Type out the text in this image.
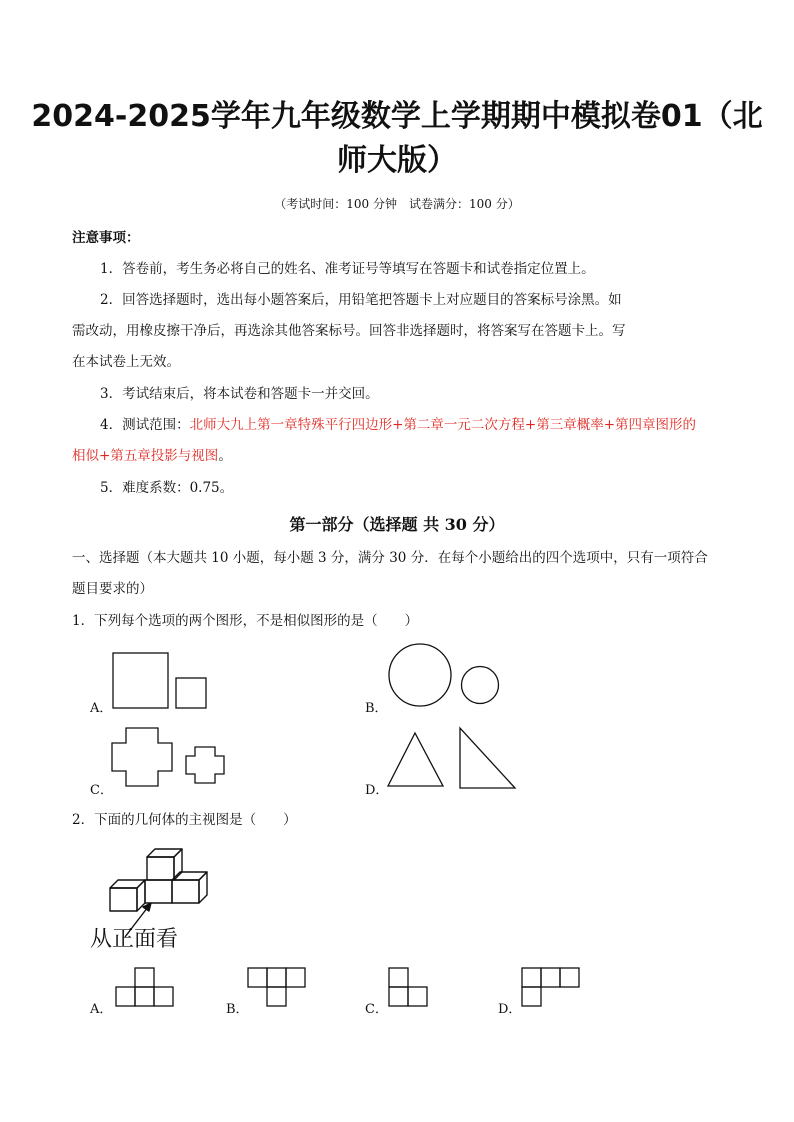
2024-2025学年九年级数学上学期期中模拟卷01（北
师大版）
（考试时间：100 分钟　试卷满分：100 分）
注意事项：
1．答卷前，考生务必将自己的姓名、准考证号等填写在答题卡和试卷指定位置上。
2．回答选择题时，选出每小题答案后，用铅笔把答题卡上对应题目的答案标号涂黑。如
需改动，用橡皮擦干净后，再选涂其他答案标号。回答非选择题时，将答案写在答题卡上。写
在本试卷上无效。
3．考试结束后，将本试卷和答题卡一并交回。
4．测试范围：北师大九上第一章特殊平行四边形+第二章一元二次方程+第三章概率+第四章图形的
相似+第五章投影与视图。
5．难度系数：0.75。
第一部分（选择题 共 30 分）
一、选择题（本大题共 10 小题，每小题 3 分，满分 30 分．在每个小题给出的四个选项中，只有一项符合
题目要求的）
1．下列每个选项的两个图形，不是相似图形的是（　　）
A．	B．
C．	D．
2．下面的几何体的主视图是（　　）
从正面看
A．	B．	C．	D．
